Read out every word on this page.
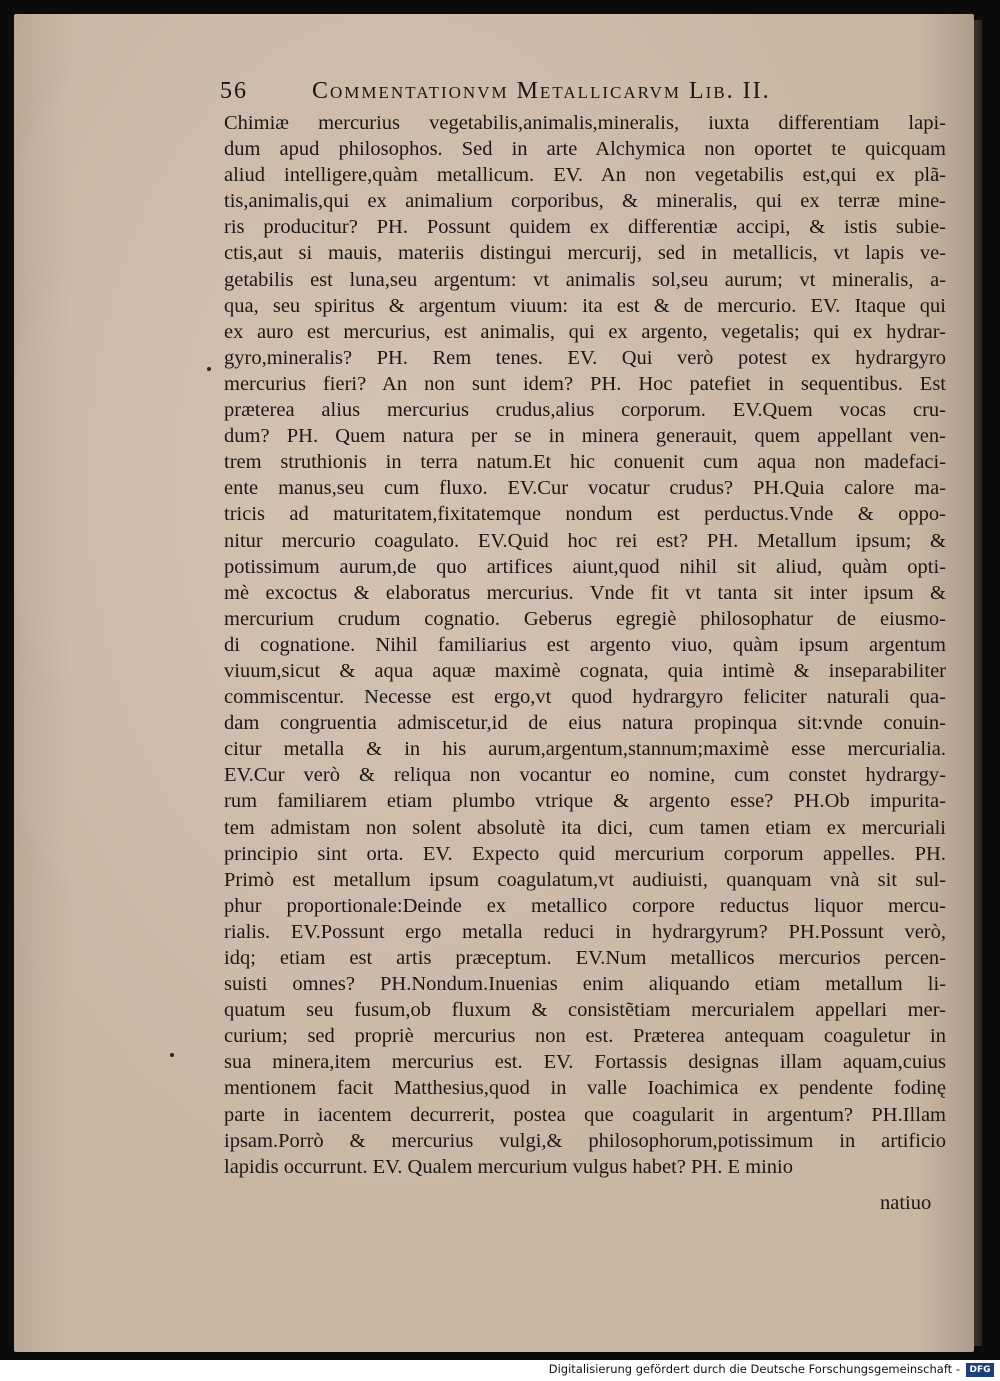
56	Commentationvm Metallicarvm Lib. II.
Chimiæ mercurius vegetabilis,animalis,mineralis, iuxta differentiam lapi-
dum apud philosophos. Sed in arte Alchymica non oportet te quicquam
aliud intelligere,quàm metallicum. EV. An non vegetabilis est,qui ex plã-
tis,animalis,qui ex animalium corporibus, & mineralis, qui ex terræ mine-
ris producitur? PH. Possunt quidem ex differentiæ accipi, & istis subie-
ctis,aut si mauis, materiis distingui mercurij, sed in metallicis, vt lapis ve-
getabilis est luna,seu argentum: vt animalis sol,seu aurum; vt mineralis, a-
qua, seu spiritus & argentum viuum: ita est & de mercurio. EV. Itaque qui
ex auro est mercurius, est animalis, qui ex argento, vegetalis; qui ex hydrar-
gyro,mineralis? PH. Rem tenes. EV. Qui verò potest ex hydrargyro
mercurius fieri? An non sunt idem? PH. Hoc patefiet in sequentibus. Est
præterea alius mercurius crudus,alius corporum. EV.Quem vocas cru-
dum? PH. Quem natura per se in minera generauit, quem appellant ven-
trem struthionis in terra natum.Et hic conuenit cum aqua non madefaci-
ente manus,seu cum fluxo. EV.Cur vocatur crudus? PH.Quia calore ma-
tricis ad maturitatem,fixitatemque nondum est perductus.Vnde & oppo-
nitur mercurio coagulato. EV.Quid hoc rei est? PH. Metallum ipsum; &
potissimum aurum,de quo artifices aiunt,quod nihil sit aliud, quàm opti-
mè excoctus & elaboratus mercurius. Vnde fit vt tanta sit inter ipsum &
mercurium crudum cognatio. Geberus egregiè philosophatur de eiusmo-
di cognatione. Nihil familiarius est argento viuo, quàm ipsum argentum
viuum,sicut & aqua aquæ maximè cognata, quia intimè & inseparabiliter
commiscentur. Necesse est ergo,vt quod hydrargyro feliciter naturali qua-
dam congruentia admiscetur,id de eius natura propinqua sit:vnde conuin-
citur metalla & in his aurum,argentum,stannum;maximè esse mercurialia.
EV.Cur verò & reliqua non vocantur eo nomine, cum constet hydrargy-
rum familiarem etiam plumbo vtrique & argento esse? PH.Ob impurita-
tem admistam non solent absolutè ita dici, cum tamen etiam ex mercuriali
principio sint orta. EV. Expecto quid mercurium corporum appelles. PH.
Primò est metallum ipsum coagulatum,vt audiuisti, quanquam vnà sit sul-
phur proportionale:Deinde ex metallico corpore reductus liquor mercu-
rialis. EV.Possunt ergo metalla reduci in hydrargyrum? PH.Possunt verò,
idq; etiam est artis præceptum. EV.Num metallicos mercurios percen-
suisti omnes? PH.Nondum.Inuenias enim aliquando etiam metallum li-
quatum seu fusum,ob fluxum & consistẽtiam mercurialem appellari mer-
curium; sed propriè mercurius non est. Præterea antequam coaguletur in
sua minera,item mercurius est. EV. Fortassis designas illam aquam,cuius
mentionem facit Matthesius,quod in valle Ioachimica ex pendente fodinę
parte in iacentem decurrerit, postea que coagularit in argentum? PH.Illam
ipsam.Porrò & mercurius vulgi,& philosophorum,potissimum in artificio
lapidis occurrunt. EV. Qualem mercurium vulgus habet? PH. E minio
natiuo
Digitalisierung gefördert durch die Deutsche Forschungsgemeinschaft -	DFG
